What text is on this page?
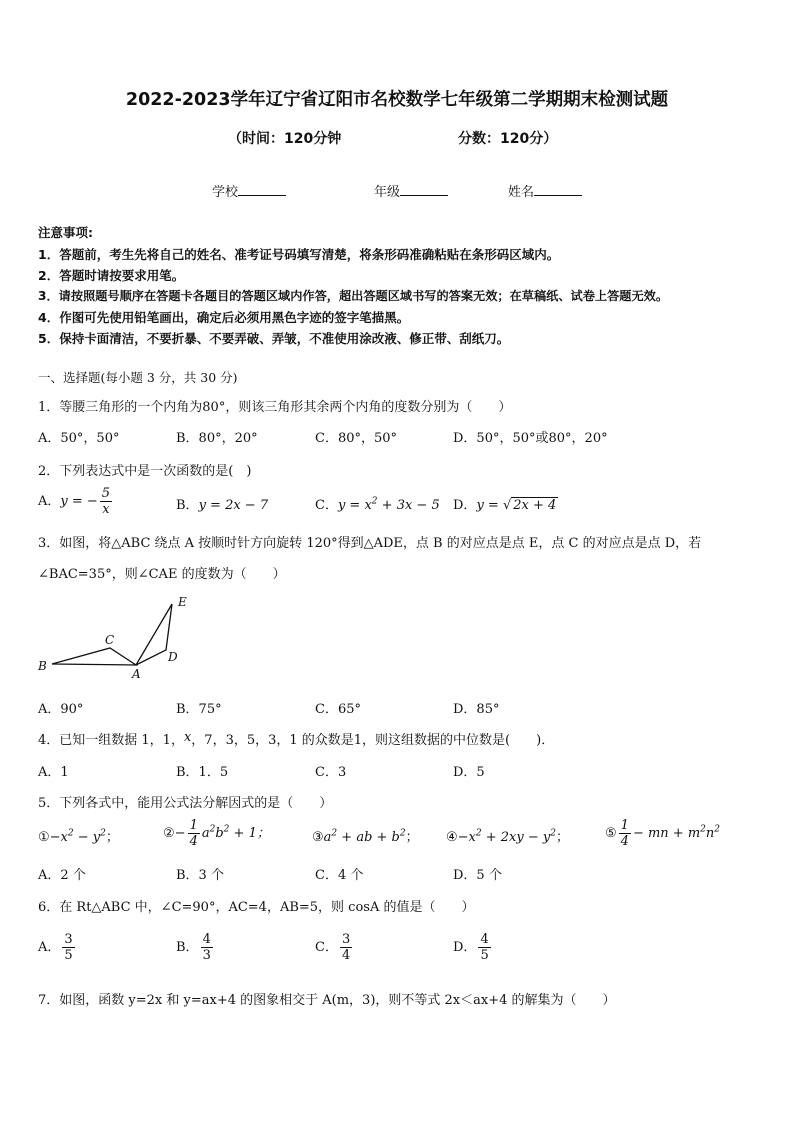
2022-2023学年辽宁省辽阳市名校数学七年级第二学期期末检测试题
（时间：120分钟	分数：120分）
学校	年级	姓名
注意事项:
1．答题前，考生先将自己的姓名、准考证号码填写清楚，将条形码准确粘贴在条形码区域内。
2．答题时请按要求用笔。
3．请按照题号顺序在答题卡各题目的答题区域内作答，超出答题区域书写的答案无效；在草稿纸、试卷上答题无效。
4．作图可先使用铅笔画出，确定后必须用黑色字迹的签字笔描黑。
5．保持卡面清洁，不要折暴、不要弄破、弄皱，不准使用涂改液、修正带、刮纸刀。
一、选择题(每小题 3 分，共 30 分)
1．等腰三角形的一个内角为80°，则该三角形其余两个内角的度数分别为（　　）
A．50°，50°	B．80°，20°	C．80°，50°	D．50°，50°或80°，20°
2．下列表达式中是一次函数的是(　)
A．y = − $\frac{5}{x}$	B．y = 2x − 7	C．$y = x^2 + 3x - 5$ D．y = √ 2x + 4
3．如图，将△ABC 绕点 A 按顺时针方向旋转 120°得到△ADE，点 B 的对应点是点 E，点 C 的对应点是点 D，若
∠BAC=35°，则∠CAE 的度数为（　　）
B
C
A
D
E
A．90°	B．75°	C．65°	D．85°
4．已知一组数据 1，1，x，7，3，5，3，1 的众数是1，则这组数据的中位数是(　　)．
A．1	B．1．5	C．3	D．5
5．下列各式中，能用公式法分解因式的是（　　）
$①-x^2 - y^2$；	②− $\frac{1}{4} a^2b^2 + 1$；	$③a^2$ + ab + $b^2$； $④-x^2 + 2xy - y^2$；	⑤ $\frac{1}{4}$ − mn + $m^2n^2$
A．2 个	B．3 个	C．4 个	D．5 个
6．在 Rt△ABC 中，∠C=90°，AC=4，AB=5，则 cosA 的值是（　　）
A． $\frac{3}{5}$	B． $\frac{4}{3}$	C． $\frac{3}{4}$	D． $\frac{4}{5}$
7．如图，函数 y=2x 和 y=ax+4 的图象相交于 A(m，3)，则不等式 2x＜ax+4 的解集为（　　）
